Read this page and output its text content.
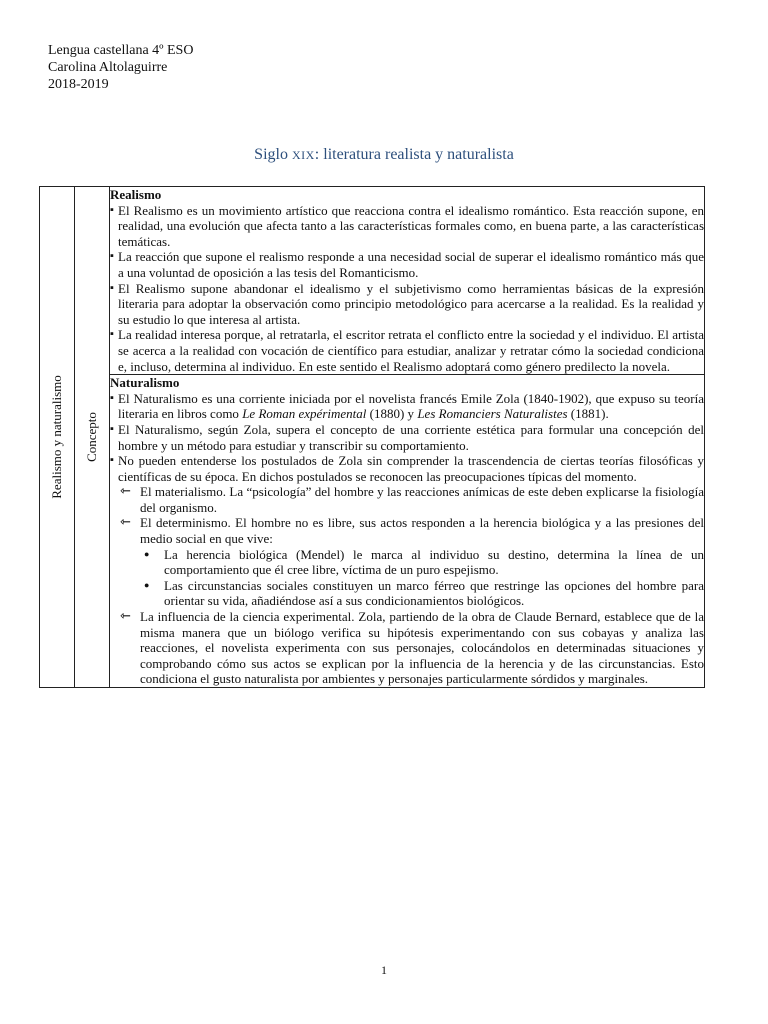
Lengua castellana 4º ESO
Carolina Altolaguirre
2018-2019
Siglo XIX: literatura realista y naturalista
Realismo y naturalismo	Concepto

Realismo
▪ El Realismo es un movimiento artístico que reacciona contra el idealismo romántico. Esta reacción supone, en realidad, una evolución que afecta tanto a las características formales como, en buena parte, a las características temáticas.
▪ La reacción que supone el realismo responde a una necesidad social de superar el idealismo romántico más que a una voluntad de oposición a las tesis del Romanticismo.
▪ El Realismo supone abandonar el idealismo y el subjetivismo como herramientas básicas de la expresión literaria para adoptar la observación como principio metodológico para acercarse a la realidad. Es la realidad y su estudio lo que interesa al artista.
▪ La realidad interesa porque, al retratarla, el escritor retrata el conflicto entre la sociedad y el individuo. El artista se acerca a la realidad con vocación de científico para estudiar, analizar y retratar cómo la sociedad condiciona e, incluso, determina al individuo. En este sentido el Realismo adoptará como género predilecto la novela.

Naturalismo
▪ El Naturalismo es una corriente iniciada por el novelista francés Emile Zola (1840-1902), que expuso su teoría literaria en libros como Le Roman expérimental (1880) y Les Romanciers Naturalistes (1881).
▪ El Naturalismo, según Zola, supera el concepto de una corriente estética para formular una concepción del hombre y un método para estudiar y transcribir su comportamiento.
▪ No pueden entenderse los postulados de Zola sin comprender la trascendencia de ciertas teorías filosóficas y científicas de su época. En dichos postulados se reconocen las preocupaciones típicas del momento.
⇽ El materialismo. La “psicología” del hombre y las reacciones anímicas de este deben explicarse la fisiología del organismo.
⇽ El determinismo. El hombre no es libre, sus actos responden a la herencia biológica y a las presiones del medio social en que vive:
● La herencia biológica (Mendel) le marca al individuo su destino, determina la línea de un comportamiento que él cree libre, víctima de un puro espejismo.
● Las circunstancias sociales constituyen un marco férreo que restringe las opciones del hombre para orientar su vida, añadiéndose así a sus condicionamientos biológicos.
⇽ La influencia de la ciencia experimental. Zola, partiendo de la obra de Claude Bernard, establece que de la misma manera que un biólogo verifica su hipótesis experimentando con sus cobayas y analiza las reacciones, el novelista experimenta con sus personajes, colocándolos en determinadas situaciones y comprobando cómo sus actos se explican por la influencia de la herencia y de las circunstancias. Esto condiciona el gusto naturalista por ambientes y personajes particularmente sórdidos y marginales.
1
